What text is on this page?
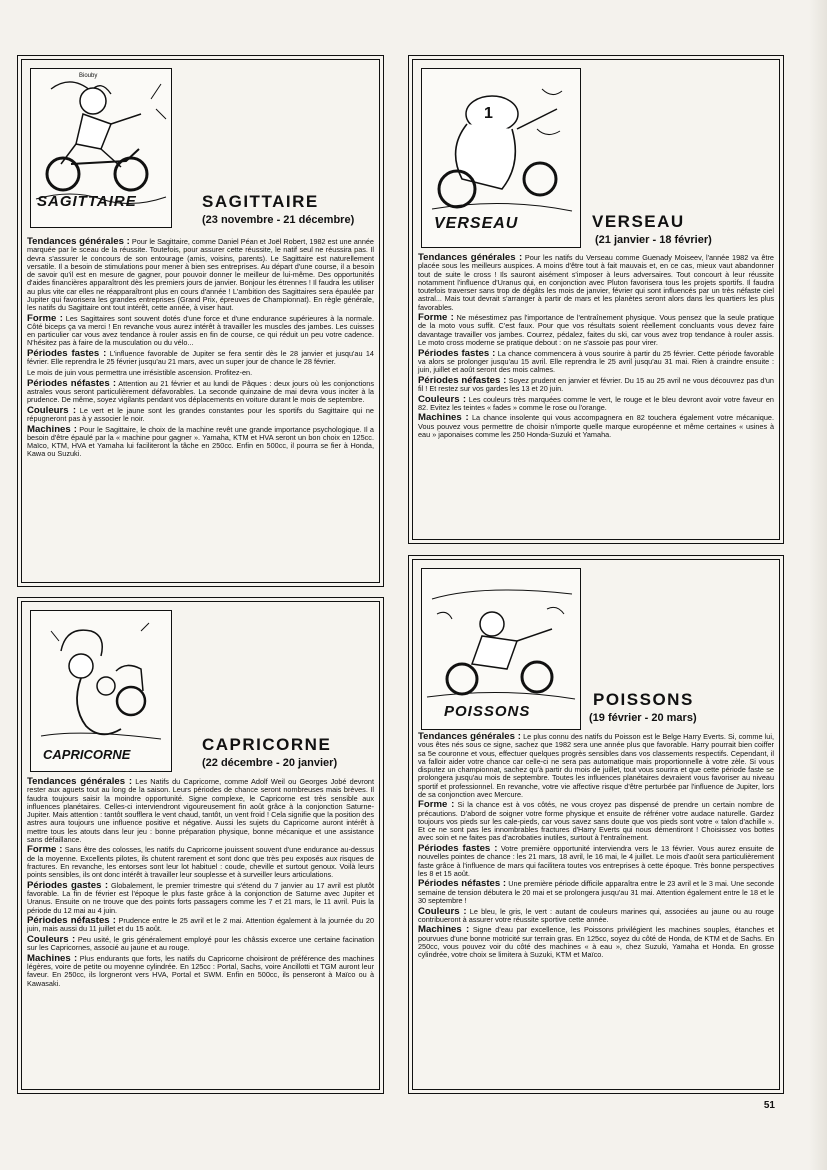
SAGITTAIRE
Biouby
SAGITTAIRE
(23 novembre - 21 décembre)

Tendances générales : Pour le Sagittaire, comme Daniel Péan et Joël Robert, 1982 est une année marquée par le sceau de la réussite. Toutefois, pour assurer cette réussite, le natif seul ne réussira pas. Il devra s'assurer le concours de son entourage (amis, voisins, parents). Le Sagittaire est naturellement versatile. Il a besoin de stimulations pour mener à bien ses entreprises. Au départ d'une course, il a besoin de savoir qu'il est en mesure de gagner, pour pouvoir donner le meilleur de lui-même. Des opportunités d'aides financières apparaîtront dès les premiers jours de janvier. Bonjour les étrennes ! Il faudra les utiliser au plus vite car elles ne réapparaîtront plus en cours d'année ! L'ambition des Sagittaires sera épaulée par Jupiter qui favorisera les grandes entreprises (Grand Prix, épreuves de Championnat). En règle générale, les natifs du Sagittaire ont tout intérêt, cette année, à viser haut.

Forme : Les Sagittaires sont souvent dotés d'une force et d'une endurance supérieures à la normale. Côté biceps ça va merci ! En revanche vous aurez intérêt à travailler les muscles des jambes. Les cuisses en particulier car vous avez tendance à rouler assis en fin de course, ce qui réduit un peu votre cadence. N'hésitez pas à faire de la musculation ou du vélo...

Périodes fastes : L'influence favorable de Jupiter se fera sentir dès le 28 janvier et jusqu'au 14 février. Elle reprendra le 25 février jusqu'au 21 mars, avec un super jour de chance le 28 février.

Le mois de juin vous permettra une irrésistible ascension. Profitez-en.

Périodes néfastes : Attention au 21 février et au lundi de Pâques : deux jours où les conjonctions astrales vous seront particulièrement défavorables. La seconde quinzaine de mai devra vous inciter à la prudence. De même, soyez vigilants pendant vos déplacements en voiture durant le mois de septembre.

Couleurs : Le vert et le jaune sont les grandes constantes pour les sportifs du Sagittaire qui ne répugneront pas à y associer le noir.

Machines : Pour le Sagittaire, le choix de la machine revêt une grande importance psychologique. Il a besoin d'être épaulé par la « machine pour gagner ». Yamaha, KTM et HVA seront un bon choix en 125cc. Maïco, KTM, HVA et Yamaha lui faciliteront la tâche en 250cc. Enfin en 500cc, il pourra se fier à Honda, Kawa ou Suzuki.

CAPRICORNE
CAPRICORNE
(22 décembre - 20 janvier)

Tendances générales : Les Natifs du Capricorne, comme Adolf Weil ou Georges Jobé devront rester aux aguets tout au long de la saison. Leurs périodes de chance seront nombreuses mais brèves. Il faudra toujours saisir la moindre opportunité. Signe complexe, le Capricorne est très sensible aux influences planétaires. Celles-ci interviendront vigoureusement fin août grâce à la conjonction Saturne-Jupiter. Mais attention : tantôt soufflera le vent chaud, tantôt, un vent froid ! Cela signifie que la position des astres aura toujours une influence positive et négative. Aussi les sujets du Capricorne auront intérêt à mettre tous les atouts dans leur jeu : bonne préparation physique, bonne mécanique et une assistance sans défaillance.

Forme : Sans être des colosses, les natifs du Capricorne jouissent souvent d'une endurance au-dessus de la moyenne. Excellents pilotes, ils chutent rarement et sont donc que très peu exposés aux risques de fractures. En revanche, les entorses sont leur lot habituel : coude, cheville et surtout genoux. Voilà leurs points sensibles, ils ont donc intérêt à travailler leur souplesse et à surveiller leurs articulations.

Périodes gastes : Globalement, le premier trimestre qui s'étend du 7 janvier au 17 avril est plutôt favorable. La fin de février est l'époque le plus faste grâce à la conjonction de Saturne avec Jupiter et Uranus. Ensuite on ne trouve que des points forts passagers comme les 7 et 21 mars, le 11 avril. Puis la période du 12 mai au 4 juin.

Périodes néfastes : Prudence entre le 25 avril et le 2 mai. Attention également à la journée du 20 juin, mais aussi du 11 juillet et du 15 août.

Couleurs : Peu usité, le gris généralement employé pour les châssis excerce une certaine facination sur les Capricornes, associé au jaune et au rouge.

Machines : Plus endurants que forts, les natifs du Capricorne choisiront de préférence des machines légères, voire de petite ou moyenne cylindrée. En 125cc : Portal, Sachs, voire Ancillotti et TGM auront leur faveur. En 250cc, ils lorgneront vers HVA, Portal et SWM. Enfin en 500cc, ils penseront à Maïco ou à Kawasaki.

1
VERSEAU	VERSEAU
(21 janvier - 18 février)

Tendances générales : Pour les natifs du Verseau comme Guenady Moiseev, l'année 1982 va être placée sous les meilleurs auspices. A moins d'être tout à fait mauvais et, en ce cas, mieux vaut abandonner tout de suite le cross ! Ils sauront aisément s'imposer à leurs adversaires. Tout concourt à leur réussite notamment l'influence d'Uranus qui, en conjonction avec Pluton favorisera tous les projets sportifs. Il faudra toutefois traverser sans trop de dégâts les mois de janvier, février qui sont influencés par un très néfaste ciel astral... Mais tout devrait s'arranger à partir de mars et les planètes seront alors dans les quartiers les plus favorables.

Forme : Ne mésestimez pas l'importance de l'entraînement physique. Vous pensez que la seule pratique de la moto vous suffit. C'est faux. Pour que vos résultats soient réellement concluants vous devez faire davantage travailler vos jambes. Courrez, pédalez, faites du ski, car vous avez trop tendance à rouler assis. Le moto cross moderne se pratique debout : on ne s'assoie pas pour virer.

Périodes fastes : La chance commencera à vous sourire à partir du 25 février. Cette période favorable va alors se prolonger jusqu'au 15 avril. Elle reprendra le 25 avril jusqu'au 31 mai. Rien à craindre ensuite : juin, juillet et août seront des mois calmes.

Périodes néfastes : Soyez prudent en janvier et février. Du 15 au 25 avril ne vous découvrez pas d'un fil ! Et restez sur vos gardes les 13 et 20 juin.

Couleurs : Les couleurs très marquées comme le vert, le rouge et le bleu devront avoir votre faveur en 82. Evitez les teintes « fades » comme le rose ou l'orange.

Machines : La chance insolente qui vous accompagnera en 82 touchera également votre mécanique. Vous pouvez vous permettre de choisir n'importe quelle marque européenne et même certaines « usines à eau » japonaises comme les 250 Honda-Suzuki et Yamaha.

POISSONS
POISSONS
(19 février - 20 mars)

Tendances générales : Le plus connu des natifs du Poisson est le Belge Harry Everts. Si, comme lui, vous êtes nés sous ce signe, sachez que 1982 sera une année plus que favorable. Harry pourrait bien coiffer sa 5e couronne et vous, effectuer quelques progrès sensibles dans vos classements respectifs. Cependant, il va falloir aider votre chance car celle-ci ne sera pas automatique mais proportionnelle à votre zèle. Si vous disputez un championnat, sachez qu'à partir du mois de juillet, tout vous sourira et que cette période faste se prolongera jusqu'au mois de septembre. Toutes les influences planétaires devraient vous favoriser au niveau sportif et professionnel. En revanche, votre vie affective risque d'être perturbée par l'influence de Jupiter, lors de sa conjonction avec Mercure.

Forme : Si la chance est à vos côtés, ne vous croyez pas dispensé de prendre un certain nombre de précautions. D'abord de soigner votre forme physique et ensuite de réfréner votre audace naturelle. Gardez toujours vos pieds sur les cale-pieds, car vous savez sans doute que vos pieds sont votre « talon d'achille ». Et ce ne sont pas les innombrables fractures d'Harry Everts qui nous démentiront ! Choisissez vos bottes avec soin et ne faites pas d'acrobaties inutiles, surtout à l'entraînement.

Périodes fastes : Votre première opportunité interviendra vers le 13 février. Vous aurez ensuite de nouvelles pointes de chance : les 21 mars, 18 avril, le 16 mai, le 4 juillet. Le mois d'août sera particulièrement faste grâce à l'influence de mars qui facilitera toutes vos entreprises à cette époque. Très bonne perspectives les 8 et 15 août.

Périodes néfastes : Une première période difficile apparaîtra entre le 23 avril et le 3 mai. Une seconde semaine de tension débutera le 20 mai et se prolongera jusqu'au 31 mai. Attention également entre le 18 et le 30 septembre !

Couleurs : Le bleu, le gris, le vert : autant de couleurs marines qui, associées au jaune ou au rouge contribueront à assurer votre réussite sportive cette année.

Machines : Signe d'eau par excellence, les Poissons privilégient les machines souples, étanches et pourvues d'une bonne motricité sur terrain gras. En 125cc, soyez du côté de Honda, de KTM et de Sachs. En 250cc, vous pouvez voir du côté des machines « à eau », chez Suzuki, Yamaha et Honda. En grosse cylindrée, votre choix se limitera à Suzuki, KTM et Maïco.

51
